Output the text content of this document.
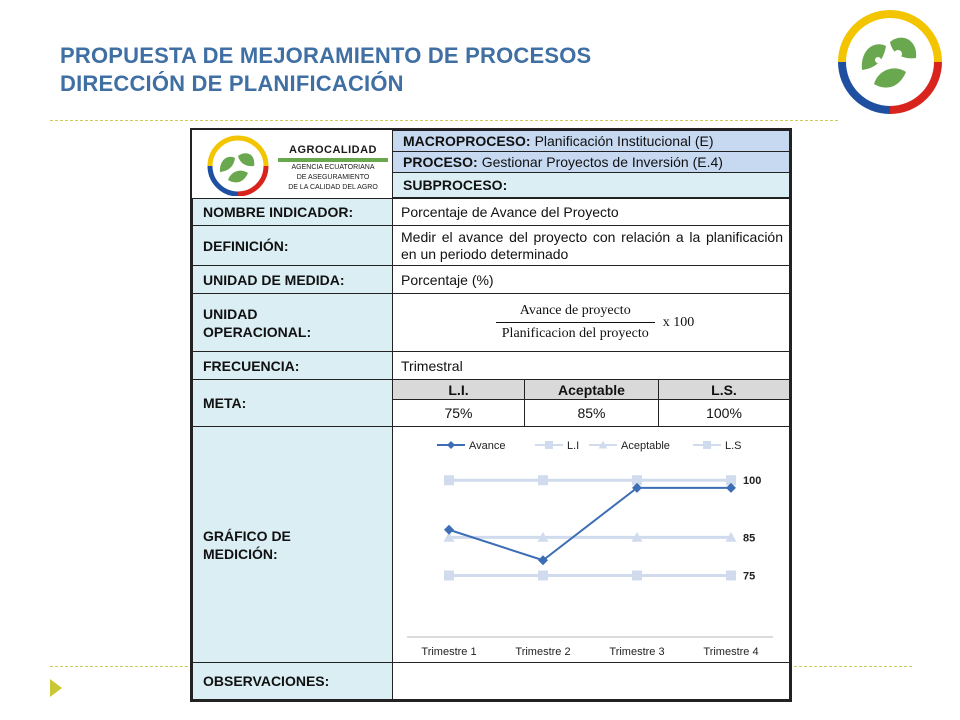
PROPUESTA DE MEJORAMIENTO DE PROCESOS
DIRECCIÓN DE PLANIFICACIÓN
AGROCALIDAD
AGENCIA ECUATORIANA
DE ASEGURAMIENTO
DE LA CALIDAD DEL AGRO
MACROPROCESO: Planificación Institucional (E)
PROCESO: Gestionar Proyectos de Inversión (E.4)
SUBPROCESO:
NOMBRE INDICADOR:	Porcentaje de Avance del Proyecto
DEFINICIÓN:
Medir el avance del proyecto con relación a la planificación en un periodo determinado
UNIDAD DE MEDIDA:	Porcentaje (%)
UNIDAD
OPERACIONAL:	$\frac{\text{Avance de proyecto}}{\text{Planificacion del proyecto}}$ x 100
FRECUENCIA:	Trimestral
META:
L.I.	Aceptable	L.S.
75%	85%	100%
GRÁFICO DE
MEDICIÓN:
Avance	L.I	Aceptable	L.S
100
85
75
Trimestre 1	Trimestre 2	Trimestre 3	Trimestre 4
OBSERVACIONES:
